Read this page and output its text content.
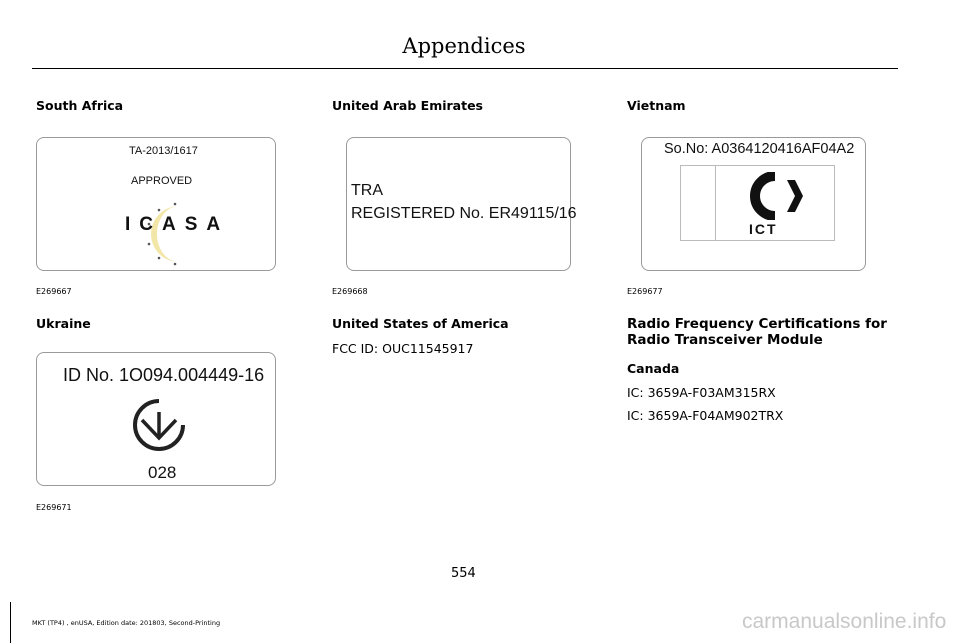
Appendices
South Africa
TA-2013/1617
APPROVED
ICASA
E269667
Ukraine
ID No. 1O094.004449-16
028
E269671
United Arab Emirates
TRA
REGISTERED No. ER49115/16
E269668
United States of America
FCC ID: OUC11545917
Vietnam
So.No: A0364120416AF04A2
ICT
E269677
Radio Frequency Certifications for
Radio Transceiver Module
Canada
IC: 3659A-F03AM315RX
IC: 3659A-F04AM902TRX
554
MKT (TP4) , enUSA, Edition date: 201803, Second-Printing	carmanualsonline.info
